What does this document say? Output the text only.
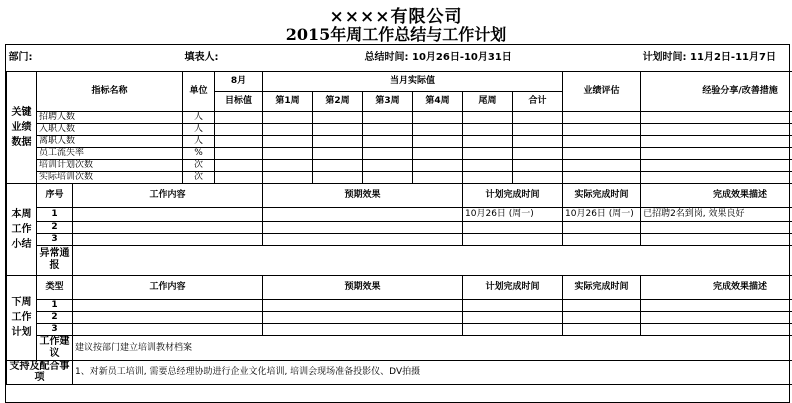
××××有限公司
2015年周工作总结与工作计划
部门:			填表人:				总结时间: 10月26日-10月31日					计划时间: 11月2日-11月7日
关键业绩数据	指标名称		单位	8月	当月实际值						业绩评估	经验分享/改善措施
				目标值	第1周	第2周	第3周	第4周	尾周	合计		
	招聘人数		人									
	入职人数		人									
	离职人数		人									
	员工流失率		%									
	培训计划次数		次									
	实际培训次数		次									
本周工作小结	序号	工作内容			预期效果				计划完成时间		实际完成时间	完成效果描述
	1								10月26日 (周一)		10月26日 (周一)	已招聘2名到岗, 效果良好
	2											
	3											
	异常通报											
下周工作计划	类型	工作内容			预期效果				计划完成时间		实际完成时间	完成效果描述
	1											
	2											
	3											
	工作建议	建议按部门建立培训教材档案										
支持及配合事项		1、对新员工培训, 需要总经理协助进行企业文化培训, 培训会现场准备投影仪、DV拍摄										
